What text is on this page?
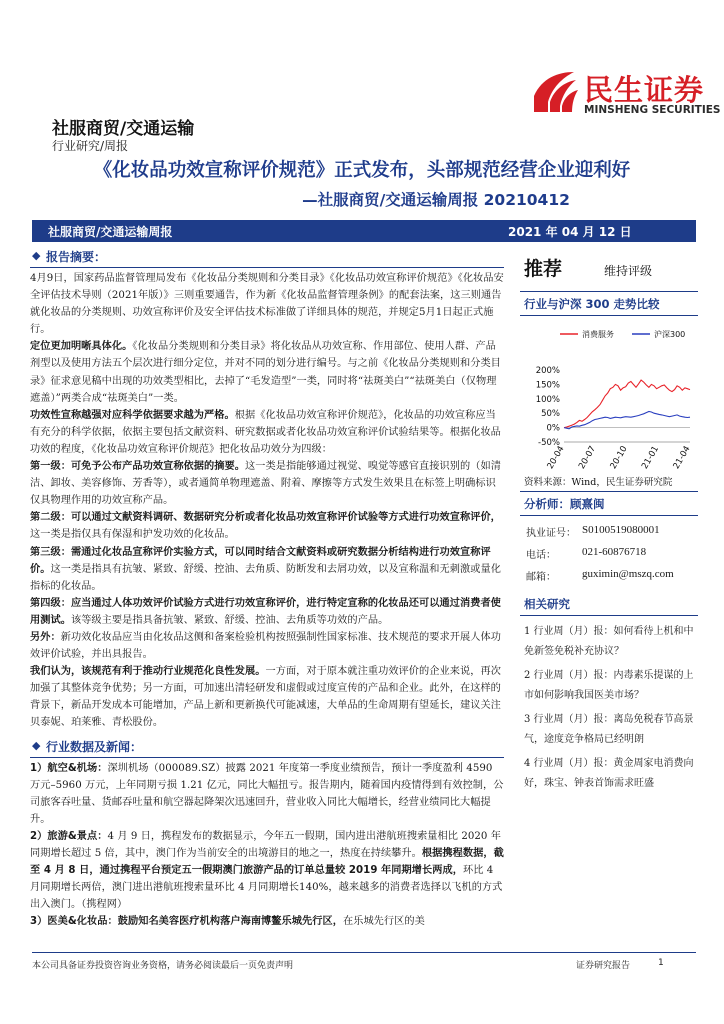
民生证券
MINSHENG SECURITIES
社服商贸/交通运输
行业研究/周报
《化妆品功效宣称评价规范》正式发布，头部规范经营企业迎利好
—社服商贸/交通运输周报 20210412
社服商贸/交通运输周报	2021 年 04 月 12 日
◆ 报告摘要：

4月9日，国家药品监督管理局发布《化妆品分类规则和分类目录》《化妆品功效宣称评价规范》《化妆品安全评估技术导则（2021年版）》三则重要通告，作为新《化妆品监督管理条例》的配套法案，这三则通告就化妆品的分类规则、功效宣称评价及安全评估技术标准做了详细具体的规范，并规定5月1日起正式施行。

定位更加明晰具体化。《化妆品分类规则和分类目录》将化妆品从功效宣称、作用部位、使用人群、产品剂型以及使用方法五个层次进行细分定位，并对不同的划分进行编号。与之前《化妆品分类规则和分类目录》征求意见稿中出现的功效类型相比，去掉了“毛发造型”一类，同时将“祛斑美白”“祛斑美白（仅物理遮盖）”两类合成“祛斑美白”一类。

功效性宣称越强对应科学依据要求越为严格。根据《化妆品功效宣称评价规范》，化妆品的功效宣称应当有充分的科学依据，依据主要包括文献资料、研究数据或者化妆品功效宣称评价试验结果等。根据化妆品功效的程度，《化妆品功效宣称评价规范》把化妆品功效分为四级：

第一级：可免予公布产品功效宣称依据的摘要。这一类是指能够通过视觉、嗅觉等感官直接识别的（如清洁、卸妆、美容修饰、芳香等），或者通简单物理遮盖、附着、摩擦等方式发生效果且在标签上明确标识仅具物理作用的功效宣称产品。

第二级：可以通过文献资料调研、数据研究分析或者化妆品功效宣称评价试验等方式进行功效宣称评价，这一类是指仅具有保湿和护发功效的化妆品。

第三级：需通过化妆品宣称评价实验方式，可以同时结合文献资料或研究数据分析结构进行功效宣称评价。这一类是指具有抗皱、紧致、舒缓、控油、去角质、防断发和去屑功效，以及宣称温和无刺激或量化指标的化妆品。

第四级：应当通过人体功效评价试验方式进行功效宣称评价，进行特定宣称的化妆品还可以通过消费者使用测试。该等级主要是指具备抗皱、紧致、舒缓、控油、去角质等功效的产品。

另外：新功效化妆品应当由化妆品这侧和备案检验机构按照强制性国家标准、技术规范的要求开展人体功效评价试验，并出具报告。

我们认为，该规范有利于推动行业规范化良性发展。一方面，对于原本就注重功效评价的企业来说，再次加强了其整体竞争优势；另一方面，可加速出清轻研发和虚假或过度宣传的产品和企业。此外，在这样的背景下，新品开发成本可能增加，产品上新和更新换代可能减速，大单品的生命周期有望延长，建议关注贝泰妮、珀莱雅、青松股份。

◆ 行业数据及新闻：

1）航空&机场：深圳机场（000089.SZ）披露 2021 年度第一季度业绩预告，预计一季度盈利 4590 万元–5960 万元，上年同期亏损 1.21 亿元，同比大幅扭亏。报告期内，随着国内疫情得到有效控制，公司旅客吞吐量、货邮吞吐量和航空器起降架次迅速回升，营业收入同比大幅增长，经营业绩同比大幅提升。

2）旅游&景点：4 月 9 日，携程发布的数据显示，今年五一假期，国内进出港航班搜索量相比 2020 年同期增长超过 5 倍，其中，澳门作为当前安全的出境游目的地之一，热度在持续攀升。根据携程数据，截至 4 月 8 日，通过携程平台预定五一假期澳门旅游产品的订单总量较 2019 年同期增长两成，环比 4 月同期增长两倍，澳门进出港航班搜索量环比 4 月同期增长140%，越来越多的消费者选择以飞机的方式出入澳门。（携程网）

3）医美&化妆品：鼓励知名美容医疗机构落户海南博鳌乐城先行区，在乐城先行区的美

推荐	维持评级
行业与沪深 300 走势比较
消费服务	沪深300
200%
150%
100%
50%
0%
-50%
20-04 20-07 20-10 21-01 21-04
资料来源：Wind，民生证券研究院
分析师：顾熹闽
执业证号： S0100519080001
电话： 021-60876718
邮箱： guximin@mszq.com
相关研究
1 行业周（月）报：如何看待上机和中免新签免税补充协议？
2 行业周（月）报：内毒素乐提谋的上市如何影响我国医美市场？
3 行业周（月）报：离岛免税春节高景气，途度竞争格局已经明朗
4 行业周（月）报：黄金周家电消费向好，珠宝、钟表首饰需求旺盛
本公司具备证券投资咨询业务资格，请务必阅读最后一页免责声明	证券研究报告	1
